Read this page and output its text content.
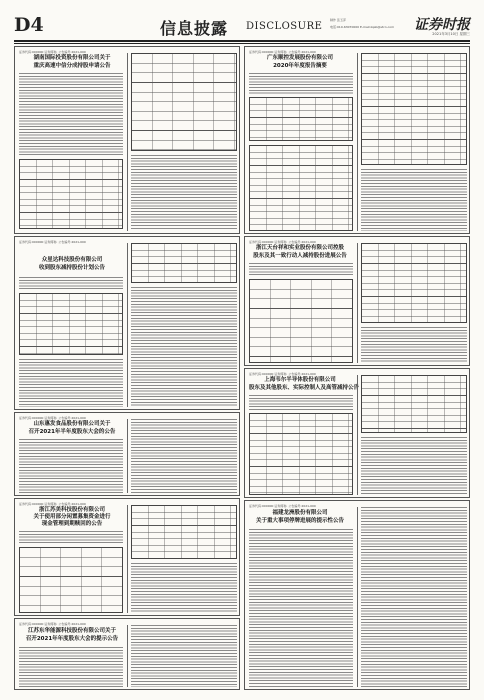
D4	信息披露 DISCLOSURE
制作 张玉萍
电话:010-63070000 E-mail:zqsb@stcn.com 证券时报
2021年3月10日 星期三
证券代码:000000 证券简称: 公告编号:2021-000
湖南国际投资股份有限公司关于
重庆高速中信分成持股申请公告
证券代码:000000 证券简称: 公告编号:2021-000
众星达科技股份有限公司
收到股东减持股份计划公告
证券代码:000000 证券简称: 公告编号:2021-000
山东惠发食品股份有限公司关于
召开2021年半年度股东大会的公告
证券代码:000000 证券简称: 公告编号:2021-000
浙江苏美科技股份有限公司
关于使用部分闲置募集资金进行
现金管理到期赎回的公告
证券代码:000000 证券简称: 公告编号:2021-000
江苏东华能源科技股份有限公司关于
召开2021年年度股东大会的提示公告
证券代码:000000 证券简称: 公告编号:2021-000
广东顺控发展股份有限公司
2020年年度报告摘要
证券代码:000000 证券简称: 公告编号:2021-000
浙江天台祥和实业股份有限公司控股
股东及其一致行动人减持股份进展公告
证券代码:000000 证券简称: 公告编号:2021-000
上海韦尔半导体股份有限公司
股东及其他股东、实际控制人及高管减持公告
证券代码:000000 证券简称: 公告编号:2021-000
福建龙洲股份有限公司
关于重大事项停牌进展的提示性公告
